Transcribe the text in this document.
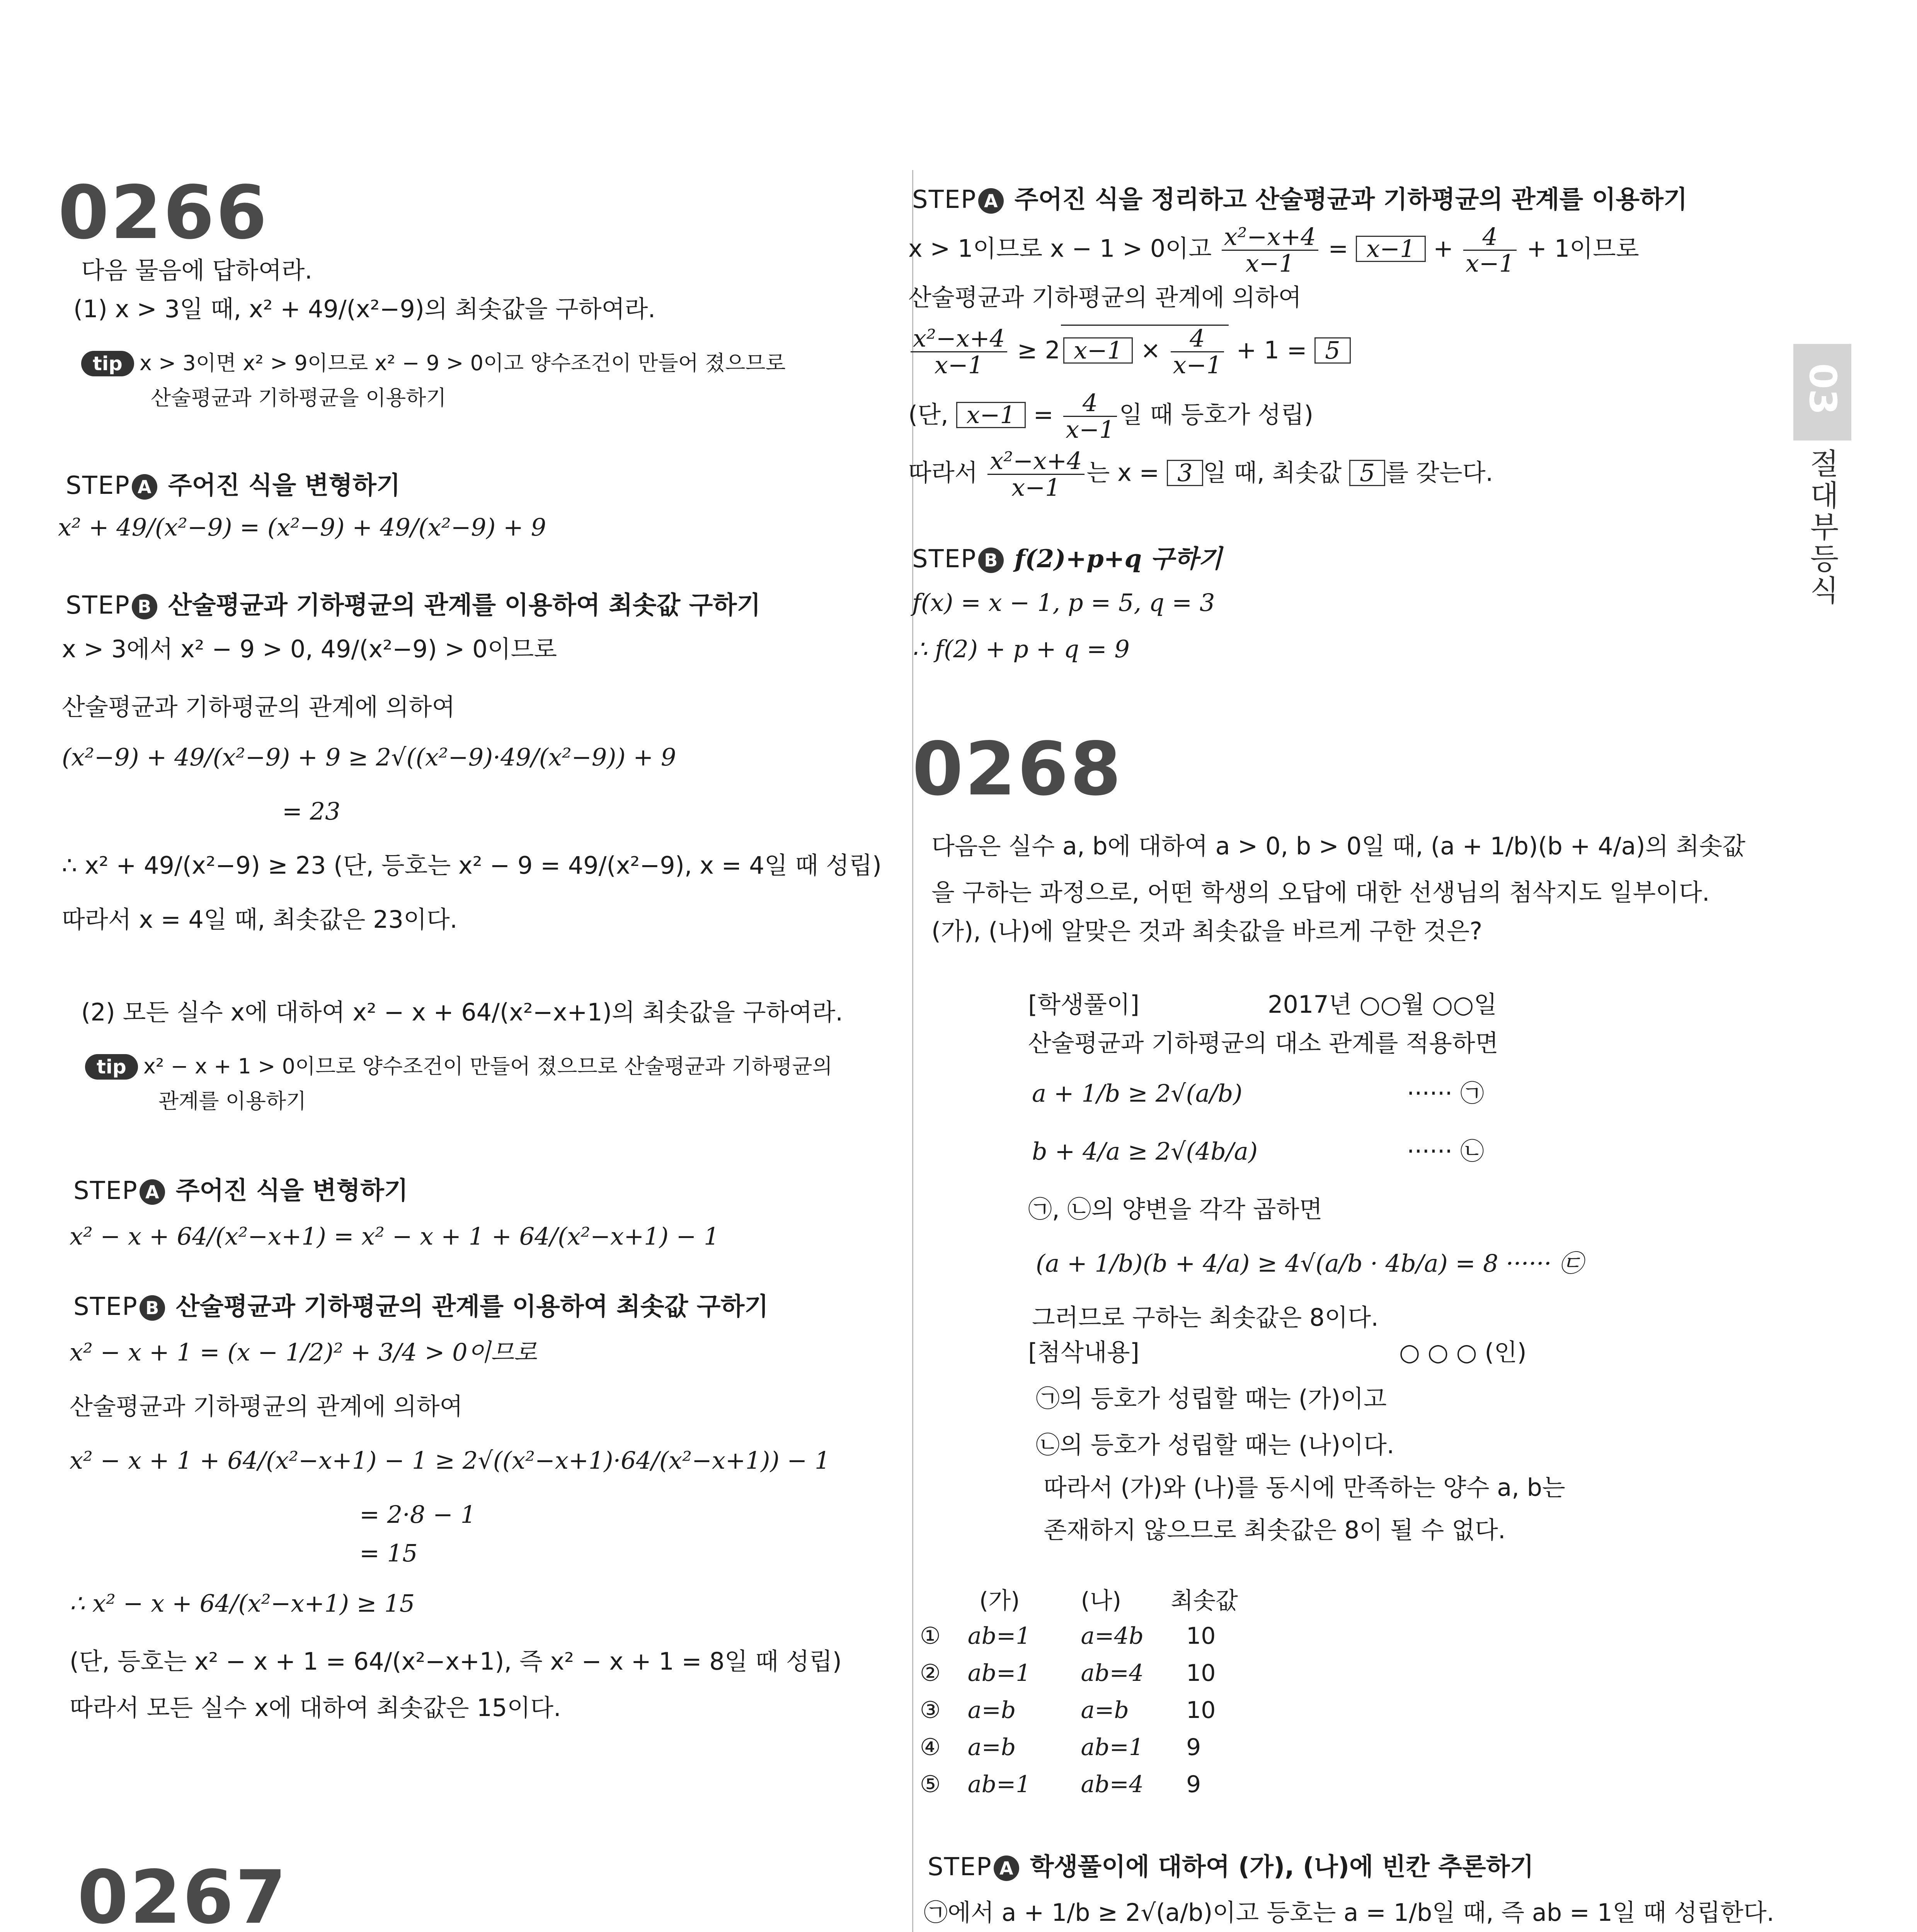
0266
다음 물음에 답하여라.
(1) x > 3일 때, x² + 49/(x²−9)의 최솟값을 구하여라.
tip x > 3이면 x² > 9이므로 x² − 9 > 0이고 양수조건이 만들어 졌으므로
산술평균과 기하평균을 이용하기
STEP A 주어진 식을 변형하기
x² + 49/(x²−9) = (x²−9) + 49/(x²−9) + 9
STEP B 산술평균과 기하평균의 관계를 이용하여 최솟값 구하기
x > 3에서 x² − 9 > 0, 49/(x²−9) > 0이므로
산술평균과 기하평균의 관계에 의하여
(x²−9) + 49/(x²−9) + 9 ≥ 2√((x²−9)·49/(x²−9)) + 9
= 23
∴ x² + 49/(x²−9) ≥ 23 (단, 등호는 x² − 9 = 49/(x²−9), x = 4일 때 성립)
따라서 x = 4일 때, 최솟값은 23이다.
(2) 모든 실수 x에 대하여 x² − x + 64/(x²−x+1)의 최솟값을 구하여라.
tip x² − x + 1 > 0이므로 양수조건이 만들어 졌으므로 산술평균과 기하평균의
관계를 이용하기
STEP A 주어진 식을 변형하기
x² − x + 64/(x²−x+1) = x² − x + 1 + 64/(x²−x+1) − 1
STEP B 산술평균과 기하평균의 관계를 이용하여 최솟값 구하기
x² − x + 1 = (x − 1/2)² + 3/4 > 0이므로
산술평균과 기하평균의 관계에 의하여
x² − x + 1 + 64/(x²−x+1) − 1 ≥ 2√((x²−x+1)·64/(x²−x+1)) − 1
= 2·8 − 1
= 15
∴ x² − x + 64/(x²−x+1) ≥ 15
(단, 등호는 x² − x + 1 = 64/(x²−x+1), 즉 x² − x + 1 = 8일 때 성립)
따라서 모든 실수 x에 대하여 최솟값은 15이다.
0267
STEP A 주어진 식을 정리하고 산술평균과 기하평균의 관계를 이용하기
x > 1이므로 x − 1 > 0이고 $\frac{\text{x²−x+4}}{x-1} = x-1 + \frac{4}{x-1} + 1$이므로
산술평균과 기하평균의 관계에 의하여
$\frac{\text{x²−x+4}}{x-1} \ge 2$ $x-1 \times \frac{4}{x-1} + 1 = 5$
(단, $x-1 = \frac{4}{x-1}$ 일 때 등호가 성립)
따라서 $\frac{\text{x²−x+4}}{x-1}$ 는 x = 3 일 때, 최솟값 5 를 갖는다.
STEP B f(2)+p+q 구하기
f(x) = x − 1, p = 5, q = 3
∴ f(2) + p + q = 9
0268
다음은 실수 a, b에 대하여 a > 0, b > 0일 때, (a + 1/b)(b + 4/a)의 최솟값
을 구하는 과정으로, 어떤 학생의 오답에 대한 선생님의 첨삭지도 일부이다.
(가), (나)에 알맞은 것과 최솟값을 바르게 구한 것은?
[학생풀이]	2017년 ○○월 ○○일
산술평균과 기하평균의 대소 관계를 적용하면
a + 1/b ≥ 2√(a/b)	······ ㉠
b + 4/a ≥ 2√(4b/a)	······ ㉡
㉠, ㉡의 양변을 각각 곱하면
(a + 1/b)(b + 4/a) ≥ 4√(a/b · 4b/a) = 8 ······ ㉢
그러므로 구하는 최솟값은 8이다.
[첨삭내용]	○ ○ ○ (인)
㉠의 등호가 성립할 때는 (가)이고
㉡의 등호가 성립할 때는 (나)이다.
따라서 (가)와 (나)를 동시에 만족하는 양수 a, b는
존재하지 않으므로 최솟값은 8이 될 수 없다.
	(가)	(나)	최솟값
①	ab=1	a=4b	10
②	ab=1	ab=4	10
③	a=b	a=b	10
④	a=b	ab=1	9
⑤	ab=1	ab=4	9
STEP A 학생풀이에 대하여 (가), (나)에 빈칸 추론하기
㉠에서 a + 1/b ≥ 2√(a/b)이고 등호는 a = 1/b일 때, 즉 ab = 1일 때 성립한다.
03
절대부등식
